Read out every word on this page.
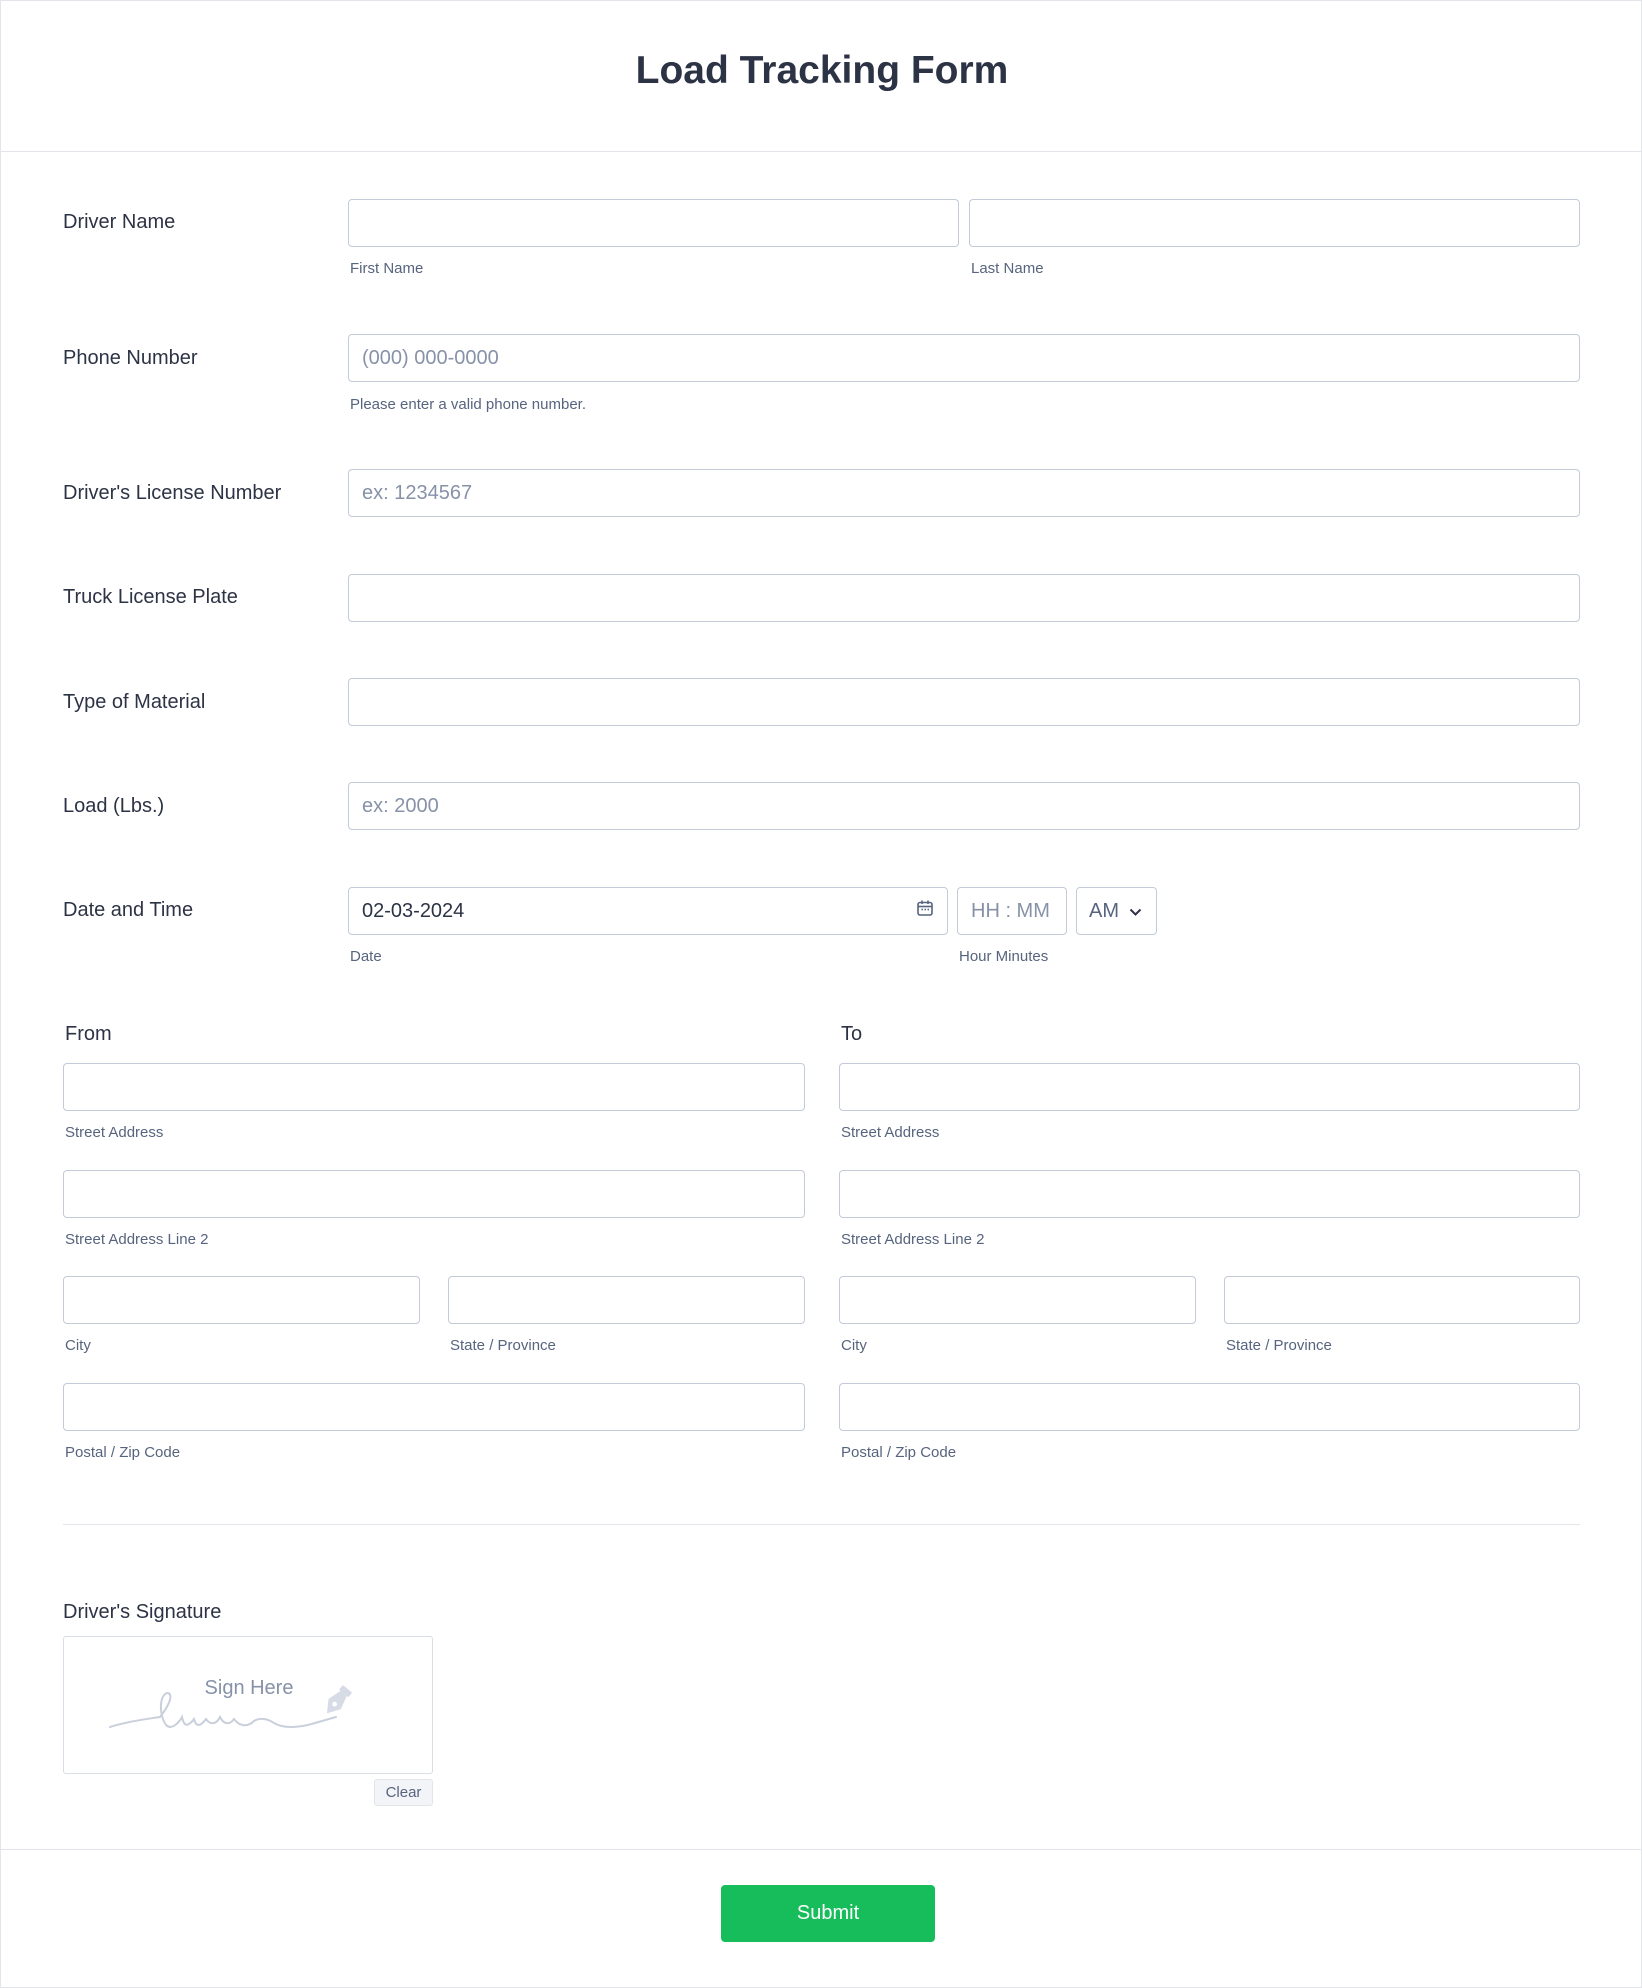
Load Tracking Form
Driver Name
First Name	Last Name
Phone Number
(000) 000-0000
Please enter a valid phone number.
Driver's License Number
ex: 1234567
Truck License Plate
Type of Material
Load (Lbs.)
ex: 2000
Date and Time	02-03-2024
HH : MM	AM
Date	Hour Minutes
From
Street Address
Street Address Line 2
City	State / Province
Postal / Zip Code
To
Street Address
Street Address Line 2
City	State / Province
Postal / Zip Code
Driver's Signature
Sign Here
Clear
Submit
